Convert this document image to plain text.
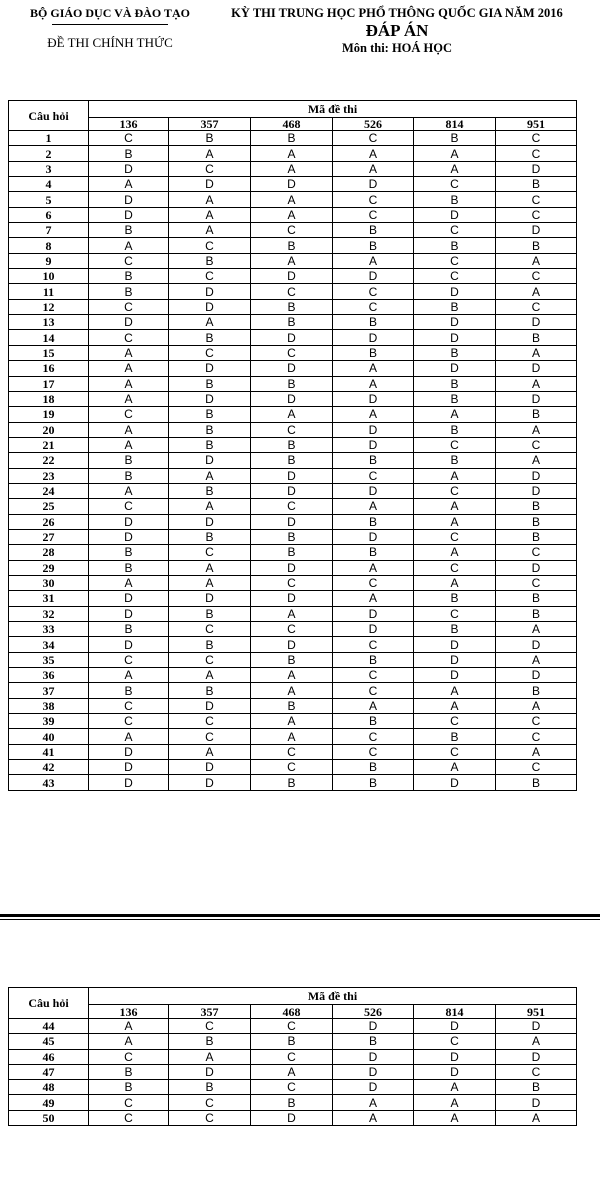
BỘ GIÁO DỤC VÀ ĐÀO TẠO
ĐỀ THI CHÍNH THỨC
KỲ THI TRUNG HỌC PHỔ THÔNG QUỐC GIA NĂM 2016
ĐÁP ÁN
Môn thi: HOÁ HỌC
Câu hỏi	Mã đề thi					
	136	357	468	526	814	951
1	C	B	B	C	B	C
2	B	A	A	A	A	C
3	D	C	A	A	A	D
4	A	D	D	D	C	B
5	D	A	A	C	B	C
6	D	A	A	C	D	C
7	B	A	C	B	C	D
8	A	C	B	B	B	B
9	C	B	A	A	C	A
10	B	C	D	D	C	C
11	B	D	C	C	D	A
12	C	D	B	C	B	C
13	D	A	B	B	D	D
14	C	B	D	D	D	B
15	A	C	C	B	B	A
16	A	D	D	A	D	D
17	A	B	B	A	B	A
18	A	D	D	D	B	D
19	C	B	A	A	A	B
20	A	B	C	D	B	A
21	A	B	B	D	C	C
22	B	D	B	B	B	A
23	B	A	D	C	A	D
24	A	B	D	D	C	D
25	C	A	C	A	A	B
26	D	D	D	B	A	B
27	D	B	B	D	C	B
28	B	C	B	B	A	C
29	B	A	D	A	C	D
30	A	A	C	C	A	C
31	D	D	D	A	B	B
32	D	B	A	D	C	B
33	B	C	C	D	B	A
34	D	B	D	C	D	D
35	C	C	B	B	D	A
36	A	A	A	C	D	D
37	B	B	A	C	A	B
38	C	D	B	A	A	A
39	C	C	A	B	C	C
40	A	C	A	C	B	C
41	D	A	C	C	C	A
42	D	D	C	B	A	C
43	D	D	B	B	D	B
Câu hỏi	Mã đề thi					
	136	357	468	526	814	951
44	A	C	C	D	D	D
45	A	B	B	B	C	A
46	C	A	C	D	D	D
47	B	D	A	D	D	C
48	B	B	C	D	A	B
49	C	C	B	A	A	D
50	C	C	D	A	A	A
